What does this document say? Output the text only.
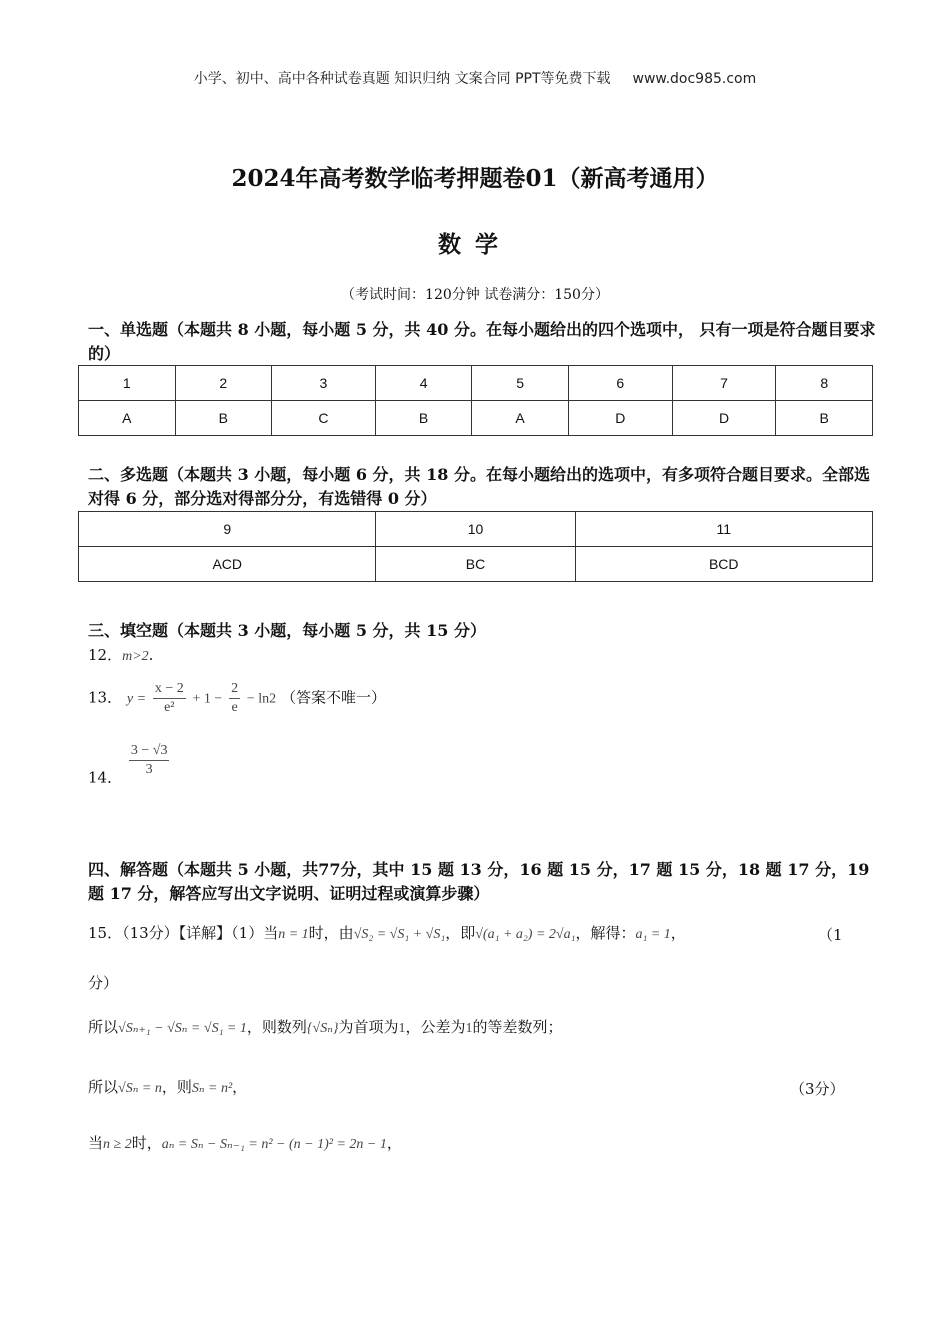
小学、初中、高中各种试卷真题 知识归纳 文案合同 PPT等免费下载 www.doc985.com
2024年高考数学临考押题卷01（新高考通用）
数学
（考试时间：120分钟 试卷满分：150分）
一、单选题（本题共 8 小题，每小题 5 分，共 40 分。在每小题给出的四个选项中， 只有一项是符合题目要求的）
1	2	3	4	5	6	7	8
A	B	C	B	A	D	D	B
二、多选题（本题共 3 小题，每小题 6 分，共 18 分。在每小题给出的选项中，有多项符合题目要求。全部选对得 6 分，部分选对得部分分，有选错得 0 分）
9	10	11
ACD	BC	BCD
三、填空题（本题共 3 小题，每小题 5 分，共 15 分）
12．m>2.
13． $y = \frac{x - 2}{\text{e²}} + 1 - \frac{2}{e} - \ln 2$ （答案不唯一）
14． $\frac{3 - √3}{3}$
四、解答题（本题共 5 小题，共77分，其中 15 题 13 分，16 题 15 分，17 题 15 分，18 题 17 分，19 题 17 分，解答应写出文字说明、证明过程或演算步骤）
15．（13分）【详解】（1）当n = 1时，由√S₂ = √S₁ + √S₁，即√(a₁ + a₂) = 2√a₁，解得：a₁ = 1，	（1
分）
所以√Sₙ₊₁ − √Sₙ = √S₁ = 1，则数列{√Sₙ}为首项为1，公差为1的等差数列；
所以√Sₙ = n，则Sₙ = n²，	（3分）
当n ≥ 2时，aₙ = Sₙ − Sₙ₋₁ = n² − (n − 1)² = 2n − 1，
